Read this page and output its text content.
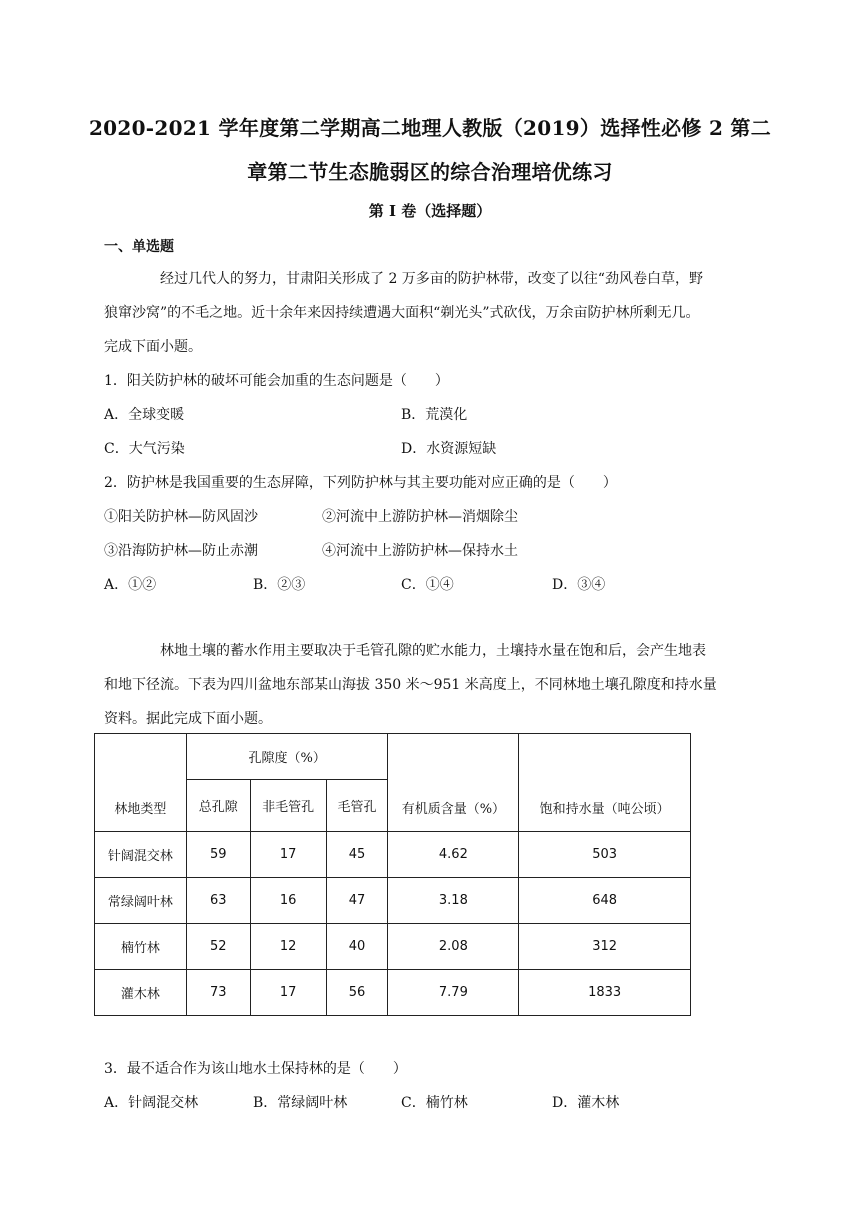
2020-2021 学年度第二学期高二地理人教版（2019）选择性必修 2 第二
章第二节生态脆弱区的综合治理培优练习
第 I 卷（选择题）
一、单选题
经过几代人的努力，甘肃阳关形成了 2 万多亩的防护林带，改变了以往“劲风卷白草，野
狼窜沙窝”的不毛之地。近十余年来因持续遭遇大面积“剃光头”式砍伐，万余亩防护林所剩无几。
完成下面小题。
1．阳关防护林的破坏可能会加重的生态问题是（　　）
A．全球变暖	B．荒漠化
C．大气污染	D．水资源短缺
2．防护林是我国重要的生态屏障，下列防护林与其主要功能对应正确的是（　　）
①阳关防护林—防风固沙	②河流中上游防护林—消烟除尘
③沿海防护林—防止赤潮	④河流中上游防护林—保持水土
A．①②	B．②③	C．①④	D．③④
林地土壤的蓄水作用主要取决于毛管孔隙的贮水能力，土壤持水量在饱和后，会产生地表
和地下径流。下表为四川盆地东部某山海拔 350 米～951 米高度上，不同林地土壤孔隙度和持水量
资料。据此完成下面小题。
林地类型	孔隙度（%）			有机质含量（%）	饱和持水量（吨公顷）
	总孔隙	非毛管孔	毛管孔		
针阔混交林	59	17	45	4.62	503
常绿阔叶林	63	16	47	3.18	648
楠竹林	52	12	40	2.08	312
灌木林	73	17	56	7.79	1833
3．最不适合作为该山地水土保持林的是（　　）
A．针阔混交林	B．常绿阔叶林	C．楠竹林	D．灌木林
